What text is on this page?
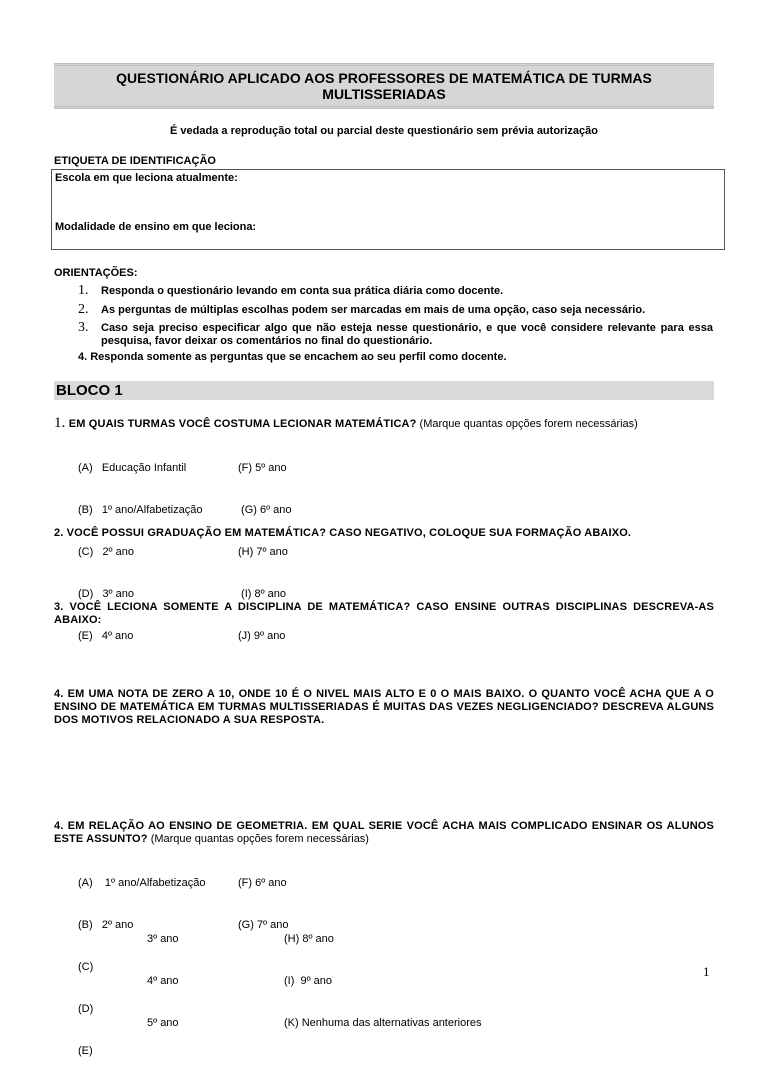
QUESTIONÁRIO APLICADO AOS PROFESSORES DE MATEMÁTICA DE TURMAS
MULTISSERIADAS
É vedada a reprodução total ou parcial deste questionário sem prévia autorização
ETIQUETA DE IDENTIFICAÇÃO
Escola em que leciona atualmente:
Modalidade de ensino em que leciona:
ORIENTAÇÕES:
1. Responda o questionário levando em conta sua prática diária como docente.
2. As perguntas de múltiplas escolhas podem ser marcadas em mais de uma opção, caso seja necessário.
3. Caso seja preciso especificar algo que não esteja nesse questionário, e que você considere relevante para essa pesquisa, favor deixar os comentários no final do questionário.
4. Responda somente as perguntas que se encachem ao seu perfil como docente.
BLOCO 1
1. EM QUAIS TURMAS VOCÊ COSTUMA LECIONAR MATEMÁTICA? (Marque quantas opções forem necessárias)

(A)   Educação Infantil

(B)   1º ano/Alfabetização

(C)   2º ano

(D)   3º ano

(E)   4º ano

(F) 5º ano

(G) 6º ano

(H) 7º ano

(I) 8º ano

(J) 9º ano

2. VOCÊ POSSUI GRADUAÇÃO EM MATEMÁTICA? CASO NEGATIVO, COLOQUE SUA FORMAÇÃO ABAIXO.
3. VOCÊ LECIONA SOMENTE A DISCIPLINA DE MATEMÁTICA? CASO ENSINE OUTRAS DISCIPLINAS DESCREVA-AS ABAIXO:
4. EM UMA NOTA DE ZERO A 10, ONDE 10 É O NIVEL MAIS ALTO E 0 O MAIS BAIXO. O QUANTO VOCÊ ACHA QUE A O ENSINO DE MATEMÁTICA EM TURMAS MULTISSERIADAS É MUITAS DAS VEZES NEGLIGENCIADO? DESCREVA ALGUNS DOS MOTIVOS RELACIONADO A SUA RESPOSTA.
4. EM RELAÇÃO AO ENSINO DE GEOMETRIA. EM QUAL SERIE VOCÊ ACHA MAIS COMPLICADO ENSINAR OS ALUNOS ESTE ASSUNTO? (Marque quantas opções forem necessárias)

(A)    1º ano/Alfabetização

(B)   2º ano

(C)

(D)

(E)

3º ano

4º ano

5º ano

(F) 6º ano

(G) 7º ano

(H) 8º ano

(I)  9º ano

(K) Nenhuma das alternativas anteriores

1
